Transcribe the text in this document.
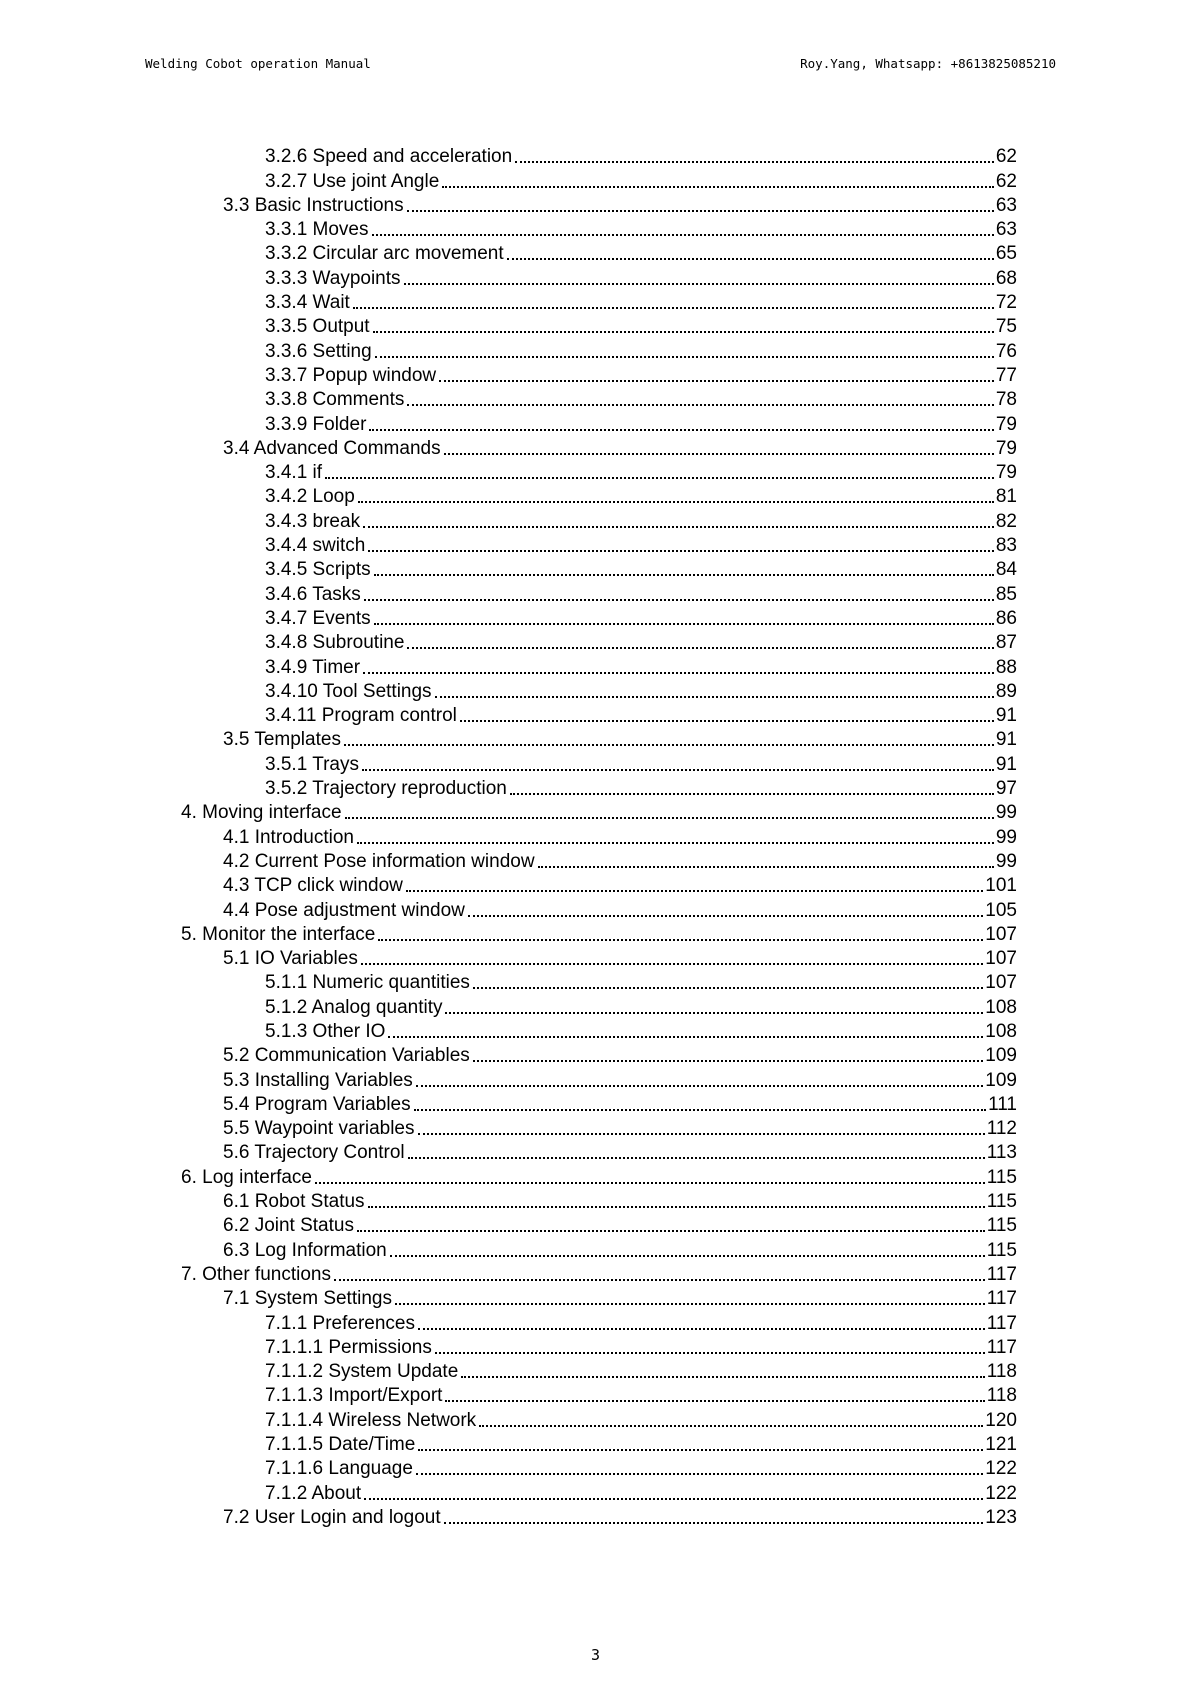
Welding Cobot operation Manual	Roy.Yang, Whatsapp: +8613825085210
3.2.6 Speed and acceleration	62
3.2.7 Use joint Angle	62
3.3 Basic Instructions	63
3.3.1 Moves	63
3.3.2 Circular arc movement	65
3.3.3 Waypoints	68
3.3.4 Wait	72
3.3.5 Output	75
3.3.6 Setting	76
3.3.7 Popup window	77
3.3.8 Comments	78
3.3.9 Folder	79
3.4 Advanced Commands	79
3.4.1 if	79
3.4.2 Loop	81
3.4.3 break	82
3.4.4 switch	83
3.4.5 Scripts	84
3.4.6 Tasks	85
3.4.7 Events	86
3.4.8 Subroutine	87
3.4.9 Timer	88
3.4.10 Tool Settings	89
3.4.11 Program control	91
3.5 Templates	91
3.5.1 Trays	91
3.5.2 Trajectory reproduction	97
4. Moving interface	99
4.1 Introduction	99
4.2 Current Pose information window	99
4.3 TCP click window	101
4.4 Pose adjustment window	105
5. Monitor the interface	107
5.1 IO Variables	107
5.1.1 Numeric quantities	107
5.1.2 Analog quantity	108
5.1.3 Other IO	108
5.2 Communication Variables	109
5.3 Installing Variables	109
5.4 Program Variables	111
5.5 Waypoint variables	112
5.6 Trajectory Control	113
6. Log interface	115
6.1 Robot Status	115
6.2 Joint Status	115
6.3 Log Information	115
7. Other functions	117
7.1 System Settings	117
7.1.1 Preferences	117
7.1.1.1 Permissions	117
7.1.1.2 System Update	118
7.1.1.3 Import/Export	118
7.1.1.4 Wireless Network	120
7.1.1.5 Date/Time	121
7.1.1.6 Language	122
7.1.2 About	122
7.2 User Login and logout	123
3
